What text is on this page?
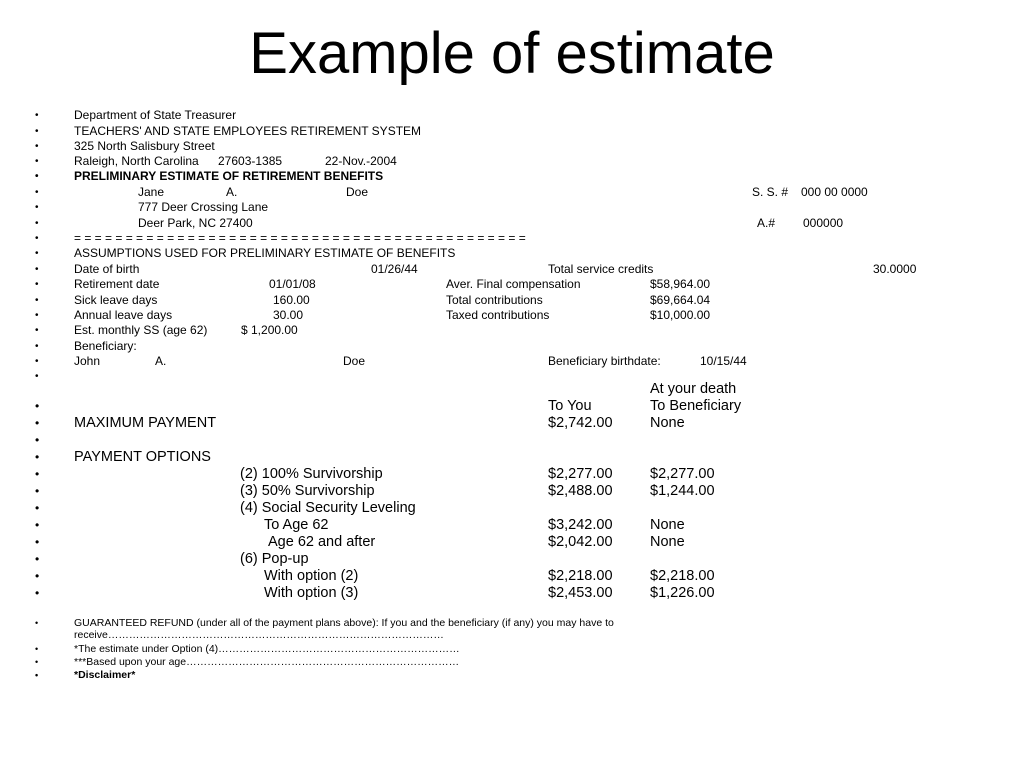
Example of estimate
•	Department of State Treasurer
•	TEACHERS' AND STATE EMPLOYEES RETIREMENT SYSTEM
•	325 North Salisbury Street
•	Raleigh, North Carolina 27603-1385	22-Nov.-2004
•	PRELIMINARY ESTIMATE OF RETIREMENT BENEFITS
•	Jane	A.	Doe	S. S. # 000 00 0000
•	777 Deer Crossing Lane
•	Deer Park, NC 27400	A.# 000000
•	= = = = = = = = = = = = = = = = = = = = = = = = = = = = = = = = = = = = = = = = = = = =
•	ASSUMPTIONS USED FOR PRELIMINARY ESTIMATE OF BENEFITS
•	Date of birth	01/26/44	Total service credits	30.0000
•	Retirement date	01/01/08	Aver. Final compensation	$58,964.00
•	Sick leave days	160.00	Total contributions	$69,664.04
•	Annual leave days	30.00	Taxed contributions	$10,000.00
•	Est. monthly SS (age 62)	$ 1,200.00
•	Beneficiary:
•	John	A.	Doe	Beneficiary birthdate:	10/15/44
•
At your death
•	To You	To Beneficiary
• MAXIMUM PAYMENT	$2,742.00	None
•
• PAYMENT OPTIONS
•	(2) 100% Survivorship	$2,277.00	$2,277.00
•	(3) 50% Survivorship	$2,488.00	$1,244.00
•	(4) Social Security Leveling
•	To Age 62	$3,242.00	None
•	Age 62 and after	$2,042.00	None
•	(6) Pop-up
•	With option (2)	$2,218.00	$2,218.00
•	With option (3)	$2,453.00	$1,226.00
•	GUARANTEED REFUND (under all of the payment plans above): If you and the beneficiary (if any) you may have to receive……………………………………………………………………………………
•	*The estimate under Option (4)……………………………………………………………
•	***Based upon your age……………………………………………………………………
•	*Disclaimer*
